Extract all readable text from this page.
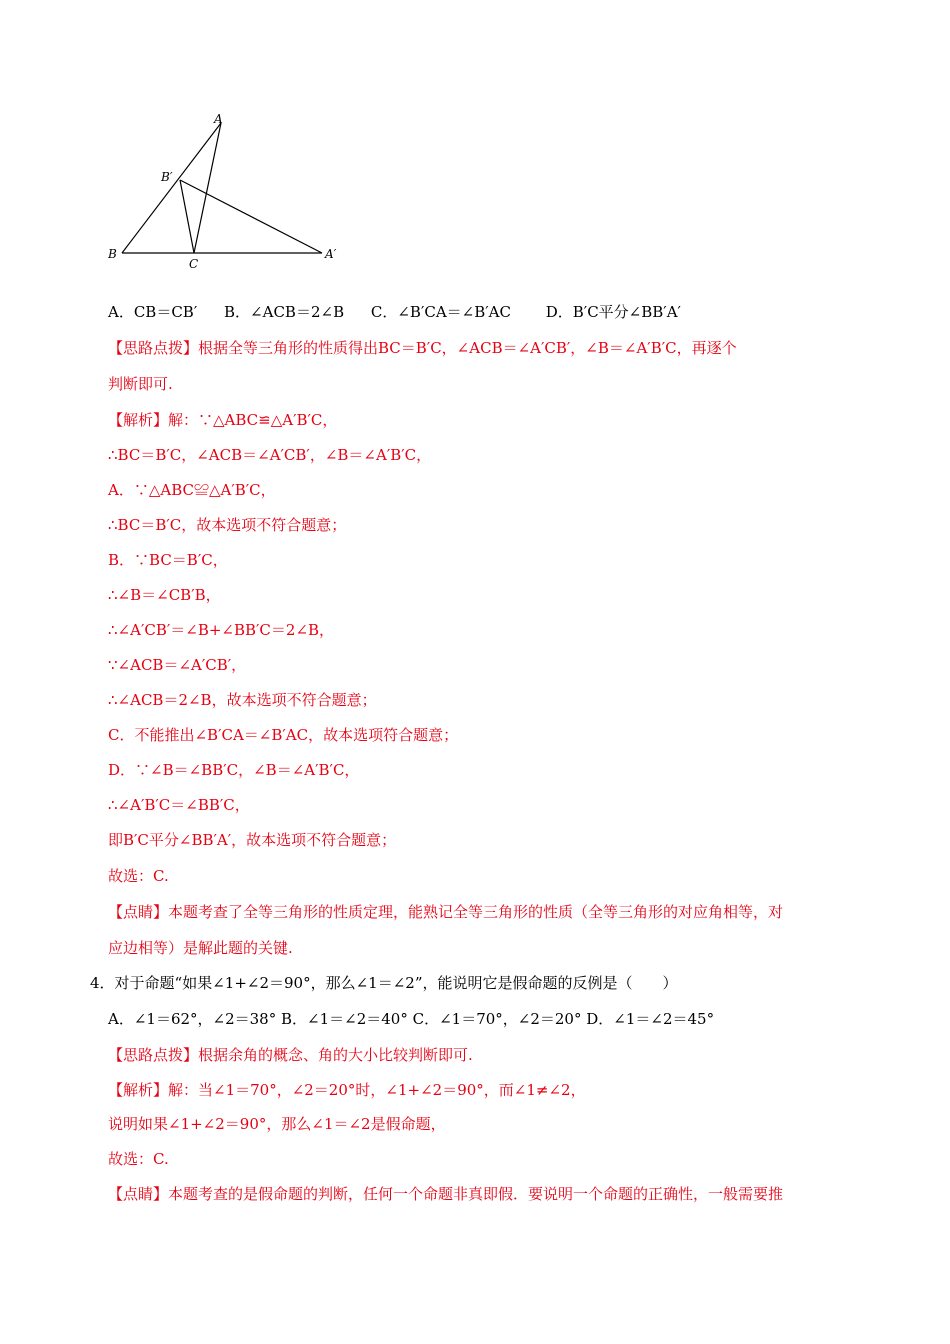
A
B′
B
C
A′
A．CB＝CB′ B．∠ACB＝2∠B C．∠B′CA＝∠B′AC D．B′C平分∠BB′A′
【思路点拨】根据全等三角形的性质得出BC＝B′C，∠ACB＝∠A′CB′，∠B＝∠A′B′C，再逐个
判断即可.
【解析】解：∵△ABC≌△A′B′C，
∴BC＝B′C，∠ACB＝∠A′CB′，∠B＝∠A′B′C，
A．∵△ABC≌△A′B′C，
∴BC＝B′C，故本选项不符合题意；
B．∵BC＝B′C，
∴∠B＝∠CB′B，
∴∠A′CB′＝∠B+∠BB′C＝2∠B，
∵∠ACB＝∠A′CB′，
∴∠ACB＝2∠B，故本选项不符合题意；
C．不能推出∠B′CA＝∠B′AC，故本选项符合题意；
D．∵∠B＝∠BB′C，∠B＝∠A′B′C，
∴∠A′B′C＝∠BB′C，
即B′C平分∠BB′A′，故本选项不符合题意；
故选：C.
【点睛】本题考查了全等三角形的性质定理，能熟记全等三角形的性质（全等三角形的对应角相等，对
应边相等）是解此题的关键.
4．对于命题“如果∠1+∠2＝90°，那么∠1＝∠2”，能说明它是假命题的反例是（　　）
A．∠1＝62°，∠2＝38° B．∠1＝∠2＝40° C．∠1＝70°，∠2＝20° D．∠1＝∠2＝45°
【思路点拨】根据余角的概念、角的大小比较判断即可.
【解析】解：当∠1＝70°，∠2＝20°时，∠1+∠2＝90°，而∠1≠∠2，
说明如果∠1+∠2＝90°，那么∠1＝∠2是假命题，
故选：C.
【点睛】本题考查的是假命题的判断，任何一个命题非真即假．要说明一个命题的正确性，一般需要推
